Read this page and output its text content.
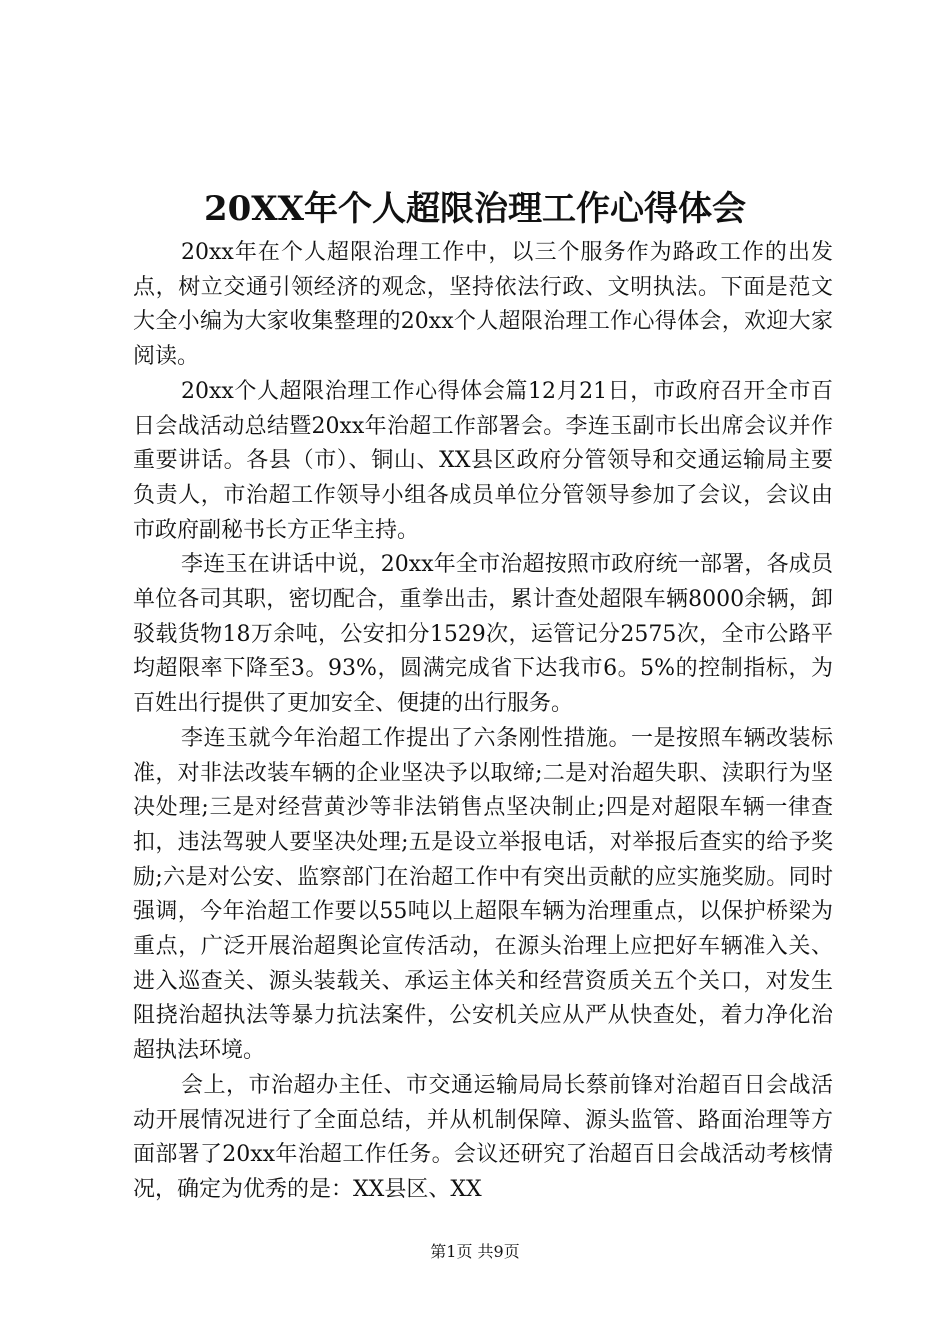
20XX年个人超限治理工作心得体会

20xx年在个人超限治理工作中，以三个服务作为路政工作的出发点，树立交通引领经济的观念，坚持依法行政、文明执法。下面是范文大全小编为大家收集整理的20xx个人超限治理工作心得体会，欢迎大家阅读。

20xx个人超限治理工作心得体会篇12月21日，市政府召开全市百日会战活动总结暨20xx年治超工作部署会。李连玉副市长出席会议并作重要讲话。各县（市）、铜山、XX县区政府分管领导和交通运输局主要负责人，市治超工作领导小组各成员单位分管领导参加了会议，会议由市政府副秘书长方正华主持。

李连玉在讲话中说，20xx年全市治超按照市政府统一部署，各成员单位各司其职，密切配合，重拳出击，累计查处超限车辆8000余辆，卸驳载货物18万余吨，公安扣分1529次，运管记分2575次，全市公路平均超限率下降至3。93%，圆满完成省下达我市6。5%的控制指标，为百姓出行提供了更加安全、便捷的出行服务。

李连玉就今年治超工作提出了六条刚性措施。一是按照车辆改装标准，对非法改装车辆的企业坚决予以取缔;二是对治超失职、渎职行为坚决处理;三是对经营黄沙等非法销售点坚决制止;四是对超限车辆一律查扣，违法驾驶人要坚决处理;五是设立举报电话，对举报后查实的给予奖励;六是对公安、监察部门在治超工作中有突出贡献的应实施奖励。同时强调，今年治超工作要以55吨以上超限车辆为治理重点，以保护桥梁为重点，广泛开展治超舆论宣传活动，在源头治理上应把好车辆准入关、进入巡查关、源头装载关、承运主体关和经营资质关五个关口，对发生阻挠治超执法等暴力抗法案件，公安机关应从严从快查处，着力净化治超执法环境。

会上，市治超办主任、市交通运输局局长蔡前锋对治超百日会战活动开展情况进行了全面总结，并从机制保障、源头监管、路面治理等方面部署了20xx年治超工作任务。会议还研究了治超百日会战活动考核情况，确定为优秀的是：XX县区、XX

第1页 共9页
